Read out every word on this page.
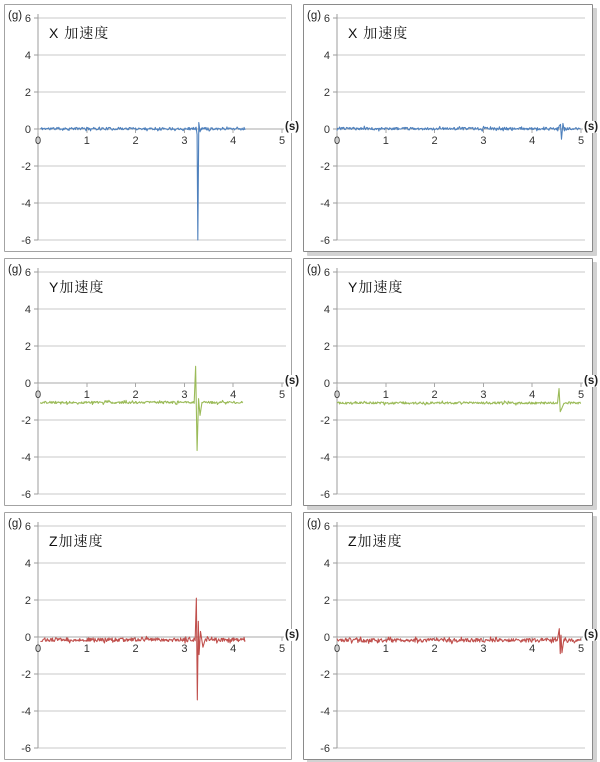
6
4
2
0
-2
-4
-6
0	1	2	3	4	5
(g)
X 加速度
(s)
6
4
2
0
-2
-4
-6
0	1	2	3	4	5
(g)
X 加速度
(s)
6
4
2
0
-2
-4
-6
0	1	2	3	4	5
(g)
Y加速度
(s)
6
4
2
0
-2
-4
-6
0	1	2	3	4	5
(g)
Y加速度
(s)
6
4
2
0
-2
-4
-6
0	1	2	3	4	5
(g)
Z加速度
(s)
6
4
2
0
-2
-4
-6
0	1	2	3	4	5
(g)
Z加速度
(s)
